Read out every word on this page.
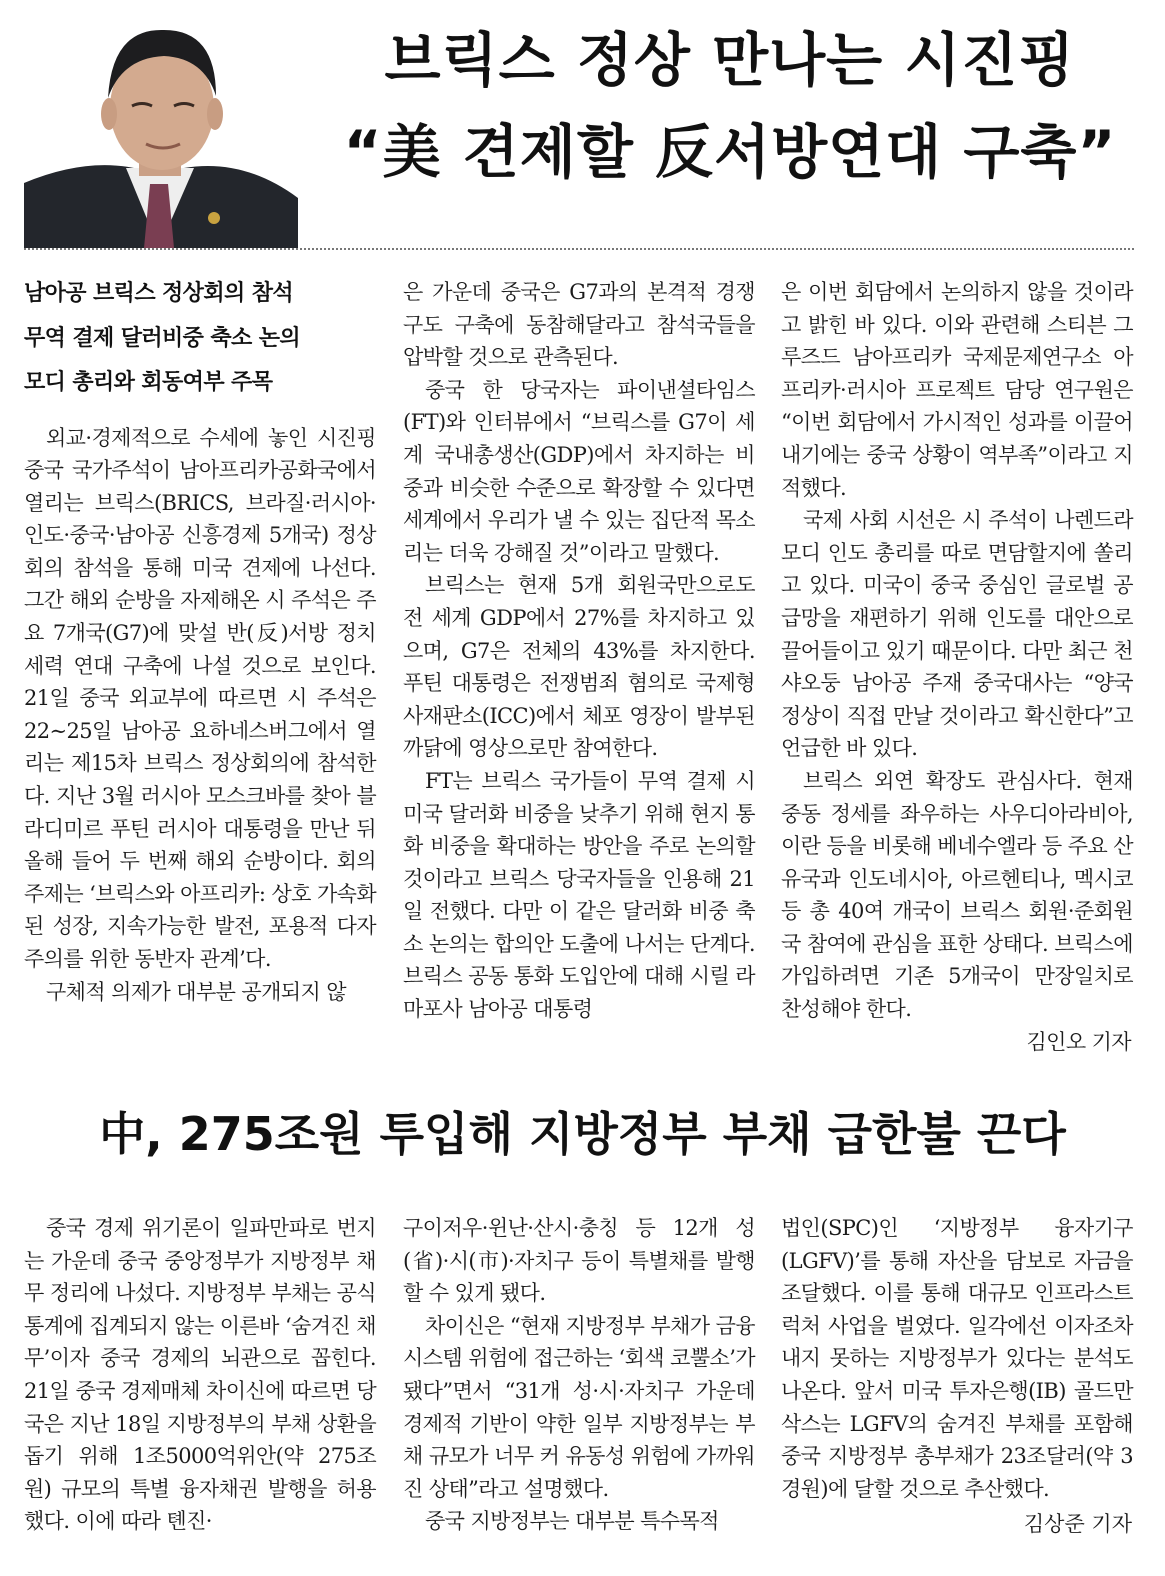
브릭스 정상 만나는 시진핑
“美 견제할 反서방연대 구축”
남아공 브릭스 정상회의 참석
무역 결제 달러비중 축소 논의
모디 총리와 회동여부 주목

외교·경제적으로 수세에 놓인 시진핑 중국 국가주석이 남아프리카공화국에서 열리는 브릭스(BRICS, 브라질·러시아·인도·중국·남아공 신흥경제 5개국) 정상회의 참석을 통해 미국 견제에 나선다. 그간 해외 순방을 자제해온 시 주석은 주요 7개국(G7)에 맞설 반(反)서방 정치세력 연대 구축에 나설 것으로 보인다. 21일 중국 외교부에 따르면 시 주석은 22∼25일 남아공 요하네스버그에서 열리는 제15차 브릭스 정상회의에 참석한다. 지난 3월 러시아 모스크바를 찾아 블라디미르 푸틴 러시아 대통령을 만난 뒤 올해 들어 두 번째 해외 순방이다. 회의 주제는 ‘브릭스와 아프리카: 상호 가속화된 성장, 지속가능한 발전, 포용적 다자주의를 위한 동반자 관계’다.

구체적 의제가 대부분 공개되지 않

은 가운데 중국은 G7과의 본격적 경쟁 구도 구축에 동참해달라고 참석국들을 압박할 것으로 관측된다.

중국 한 당국자는 파이낸셜타임스(FT)와 인터뷰에서 “브릭스를 G7이 세계 국내총생산(GDP)에서 차지하는 비중과 비슷한 수준으로 확장할 수 있다면 세계에서 우리가 낼 수 있는 집단적 목소리는 더욱 강해질 것”이라고 말했다.

브릭스는 현재 5개 회원국만으로도 전 세계 GDP에서 27%를 차지하고 있으며, G7은 전체의 43%를 차지한다. 푸틴 대통령은 전쟁범죄 혐의로 국제형사재판소(ICC)에서 체포 영장이 발부된 까닭에 영상으로만 참여한다.

FT는 브릭스 국가들이 무역 결제 시 미국 달러화 비중을 낮추기 위해 현지 통화 비중을 확대하는 방안을 주로 논의할 것이라고 브릭스 당국자들을 인용해 21일 전했다. 다만 이 같은 달러화 비중 축소 논의는 합의안 도출에 나서는 단계다. 브릭스 공동 통화 도입안에 대해 시릴 라마포사 남아공 대통령

은 이번 회담에서 논의하지 않을 것이라고 밝힌 바 있다. 이와 관련해 스티븐 그루즈드 남아프리카 국제문제연구소 아프리카·러시아 프로젝트 담당 연구원은 “이번 회담에서 가시적인 성과를 이끌어내기에는 중국 상황이 역부족”이라고 지적했다.

국제 사회 시선은 시 주석이 나렌드라 모디 인도 총리를 따로 면담할지에 쏠리고 있다. 미국이 중국 중심인 글로벌 공급망을 재편하기 위해 인도를 대안으로 끌어들이고 있기 때문이다. 다만 최근 천샤오둥 남아공 주재 중국대사는 “양국 정상이 직접 만날 것이라고 확신한다”고 언급한 바 있다.

브릭스 외연 확장도 관심사다. 현재 중동 정세를 좌우하는 사우디아라비아, 이란 등을 비롯해 베네수엘라 등 주요 산유국과 인도네시아, 아르헨티나, 멕시코 등 총 40여 개국이 브릭스 회원·준회원국 참여에 관심을 표한 상태다. 브릭스에 가입하려면 기존 5개국이 만장일치로 찬성해야 한다.

김인오 기자

中, 275조원 투입해 지방정부 부채 급한불 끈다

중국 경제 위기론이 일파만파로 번지는 가운데 중국 중앙정부가 지방정부 채무 정리에 나섰다. 지방정부 부채는 공식 통계에 집계되지 않는 이른바 ‘숨겨진 채무’이자 중국 경제의 뇌관으로 꼽힌다. 21일 중국 경제매체 차이신에 따르면 당국은 지난 18일 지방정부의 부채 상환을 돕기 위해 1조5000억위안(약 275조원) 규모의 특별 융자채권 발행을 허용했다. 이에 따라 톈진·

구이저우·윈난·산시·충칭 등 12개 성(省)·시(市)·자치구 등이 특별채를 발행할 수 있게 됐다.

차이신은 “현재 지방정부 부채가 금융 시스템 위험에 접근하는 ‘회색 코뿔소’가 됐다”면서 “31개 성·시·자치구 가운데 경제적 기반이 약한 일부 지방정부는 부채 규모가 너무 커 유동성 위험에 가까워진 상태”라고 설명했다.

중국 지방정부는 대부분 특수목적

법인(SPC)인 ‘지방정부 융자기구(LGFV)’를 통해 자산을 담보로 자금을 조달했다. 이를 통해 대규모 인프라스트럭처 사업을 벌였다. 일각에선 이자조차 내지 못하는 지방정부가 있다는 분석도 나온다. 앞서 미국 투자은행(IB) 골드만삭스는 LGFV의 숨겨진 부채를 포함해 중국 지방정부 총부채가 23조달러(약 3경원)에 달할 것으로 추산했다.

김상준 기자
